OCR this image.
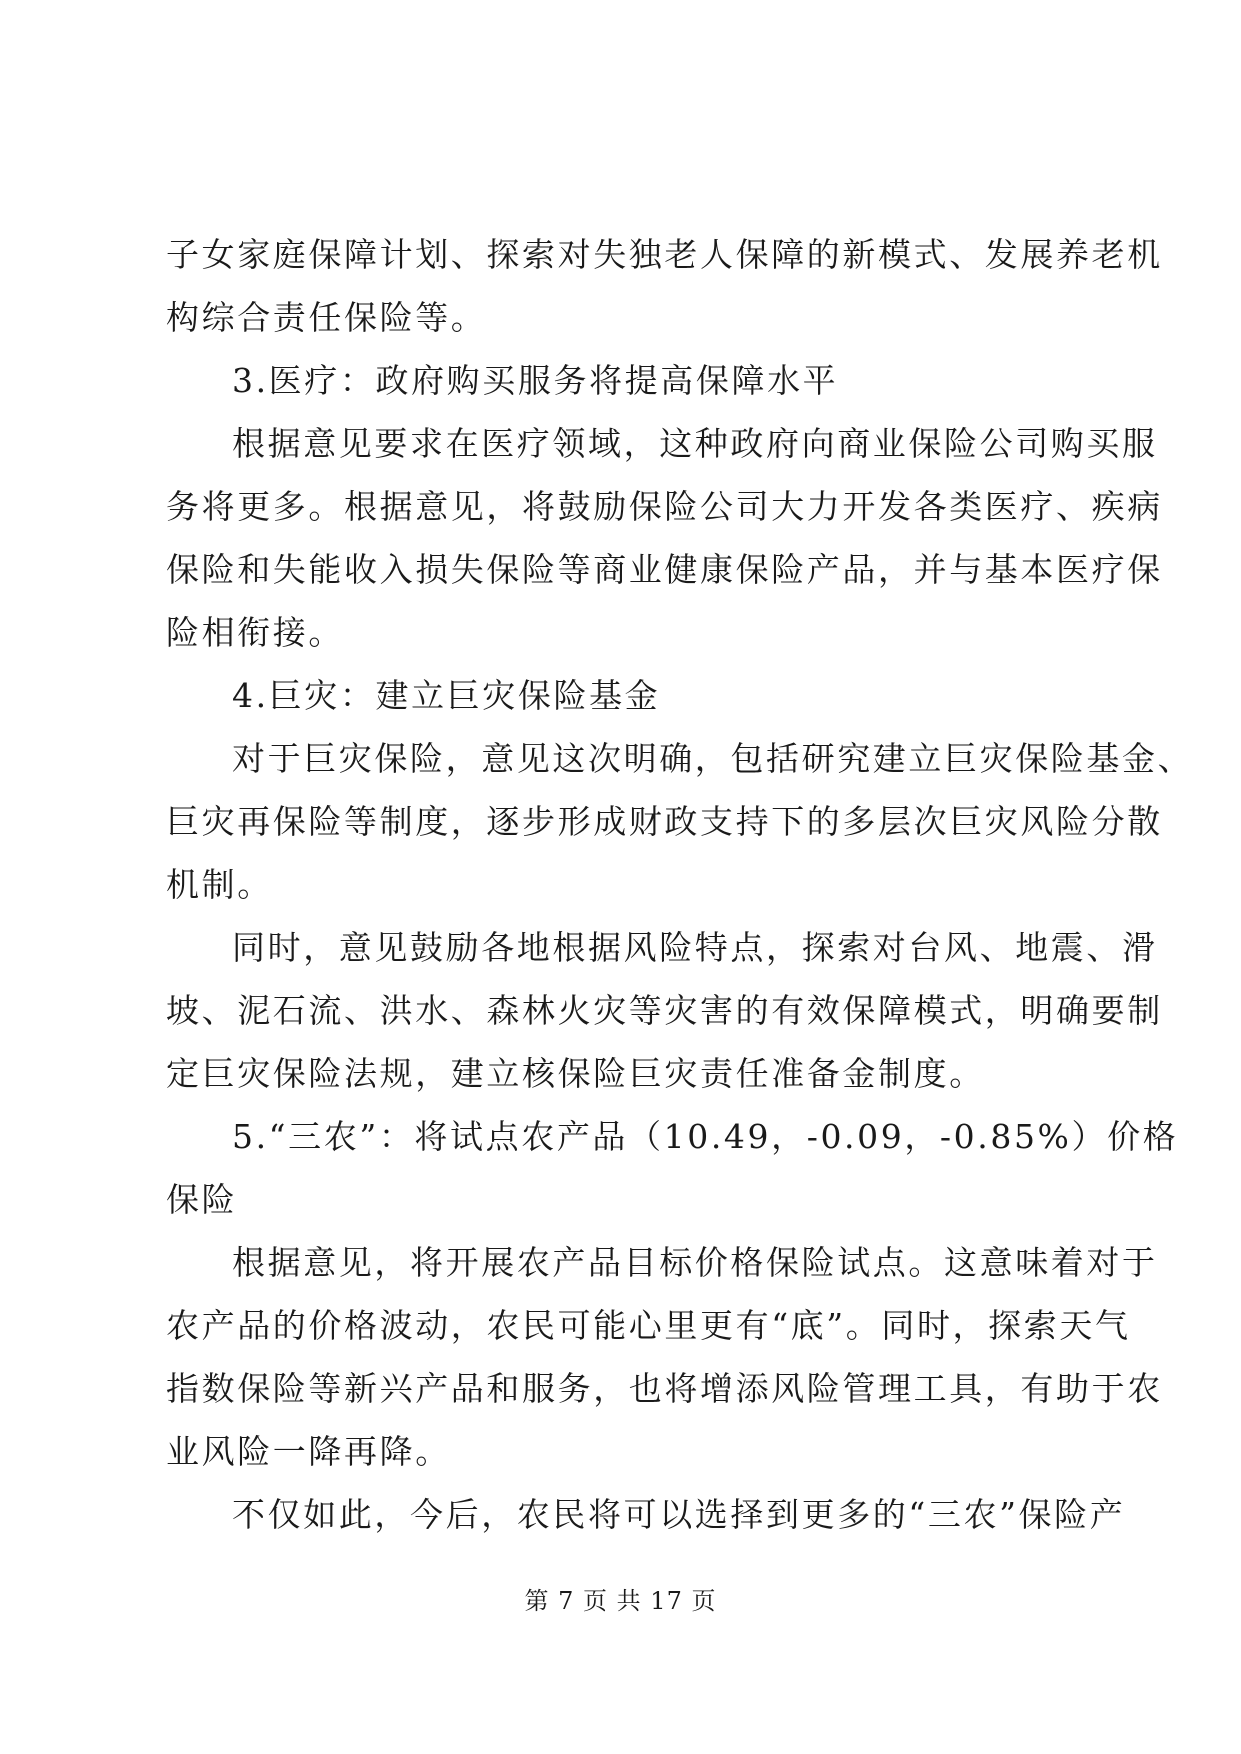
子女家庭保障计划、探索对失独老人保障的新模式、发展养老机
构综合责任保险等。
3.医疗：政府购买服务将提高保障水平
根据意见要求在医疗领域，这种政府向商业保险公司购买服
务将更多。根据意见，将鼓励保险公司大力开发各类医疗、疾病
保险和失能收入损失保险等商业健康保险产品，并与基本医疗保
险相衔接。
4.巨灾：建立巨灾保险基金
对于巨灾保险，意见这次明确，包括研究建立巨灾保险基金、
巨灾再保险等制度，逐步形成财政支持下的多层次巨灾风险分散
机制。
同时，意见鼓励各地根据风险特点，探索对台风、地震、滑
坡、泥石流、洪水、森林火灾等灾害的有效保障模式，明确要制
定巨灾保险法规，建立核保险巨灾责任准备金制度。
5.“三农”：将试点农产品（10.49，-0.09，-0.85%）价格
保险
根据意见，将开展农产品目标价格保险试点。这意味着对于
农产品的价格波动，农民可能心里更有“底”。同时，探索天气
指数保险等新兴产品和服务，也将增添风险管理工具，有助于农
业风险一降再降。
不仅如此，今后，农民将可以选择到更多的“三农”保险产
第 7 页 共 17 页
